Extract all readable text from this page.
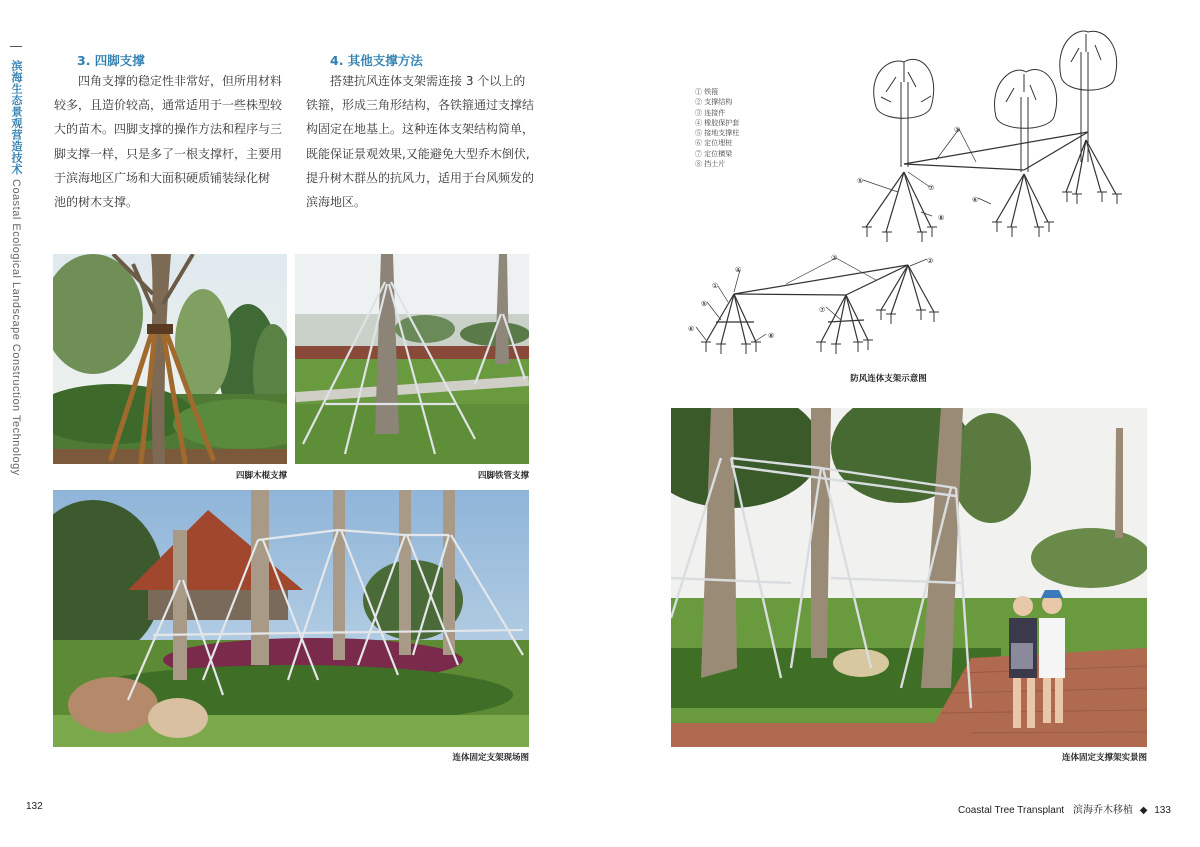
滨海生态景观营造技术 Coastal Ecological Landscape Construction Technology
3. 四脚支撑
四角支撑的稳定性非常好，但所用材料
较多，且造价较高，通常适用于一些株型较
大的苗木。四脚支撑的操作方法和程序与三
脚支撑一样，只是多了一根支撑杆，主要用
于滨海地区广场和大面积硬质铺装绿化树
池的树木支撑。
4. 其他支撑方法
搭建抗风连体支架需连接 3 个以上的
铁箍，形成三角形结构，各铁箍通过支撑结
构固定在地基上。这种连体支架结构简单，
既能保证景观效果,又能避免大型乔木倒伏,
提升树木群丛的抗风力，适用于台风频发的
滨海地区。
四脚木棍支撑	四脚铁管支撑
连体固定支架现场图
132
① 铁箍
② 支撑结构
③ 连接件
④ 橡胶保护套
⑤ 接地支撑柱
⑥ 定位埋桩
⑦ 定位横梁
⑧ 挡土片
③
⑤
⑦
⑥
⑧
③	②
④
①
⑤
⑦
⑥
⑧
防风连体支架示意图
连体固定支撑架实景图
Coastal Tree Transplant 滨海乔木移植 ◆ 133
